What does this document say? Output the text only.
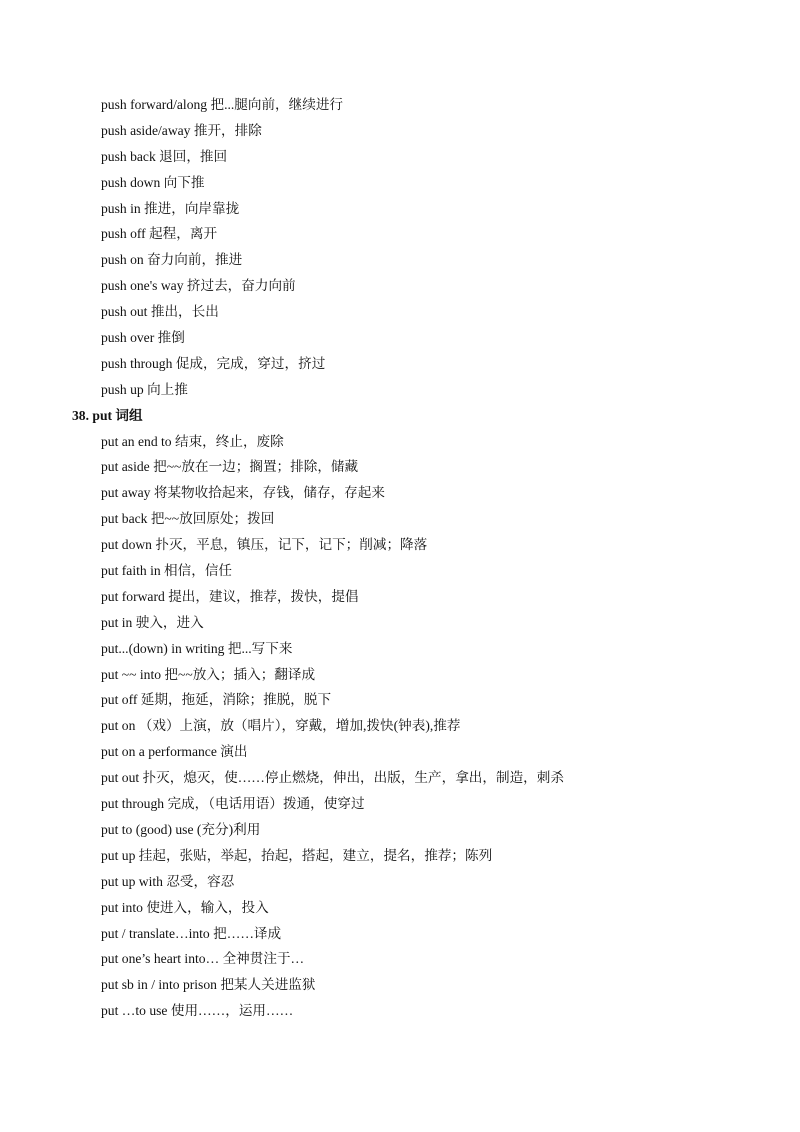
push forward/along 把...腿向前，继续进行
push aside/away 推开，排除
push back 退回，推回
push down 向下推
push in 推进，向岸靠拢
push off 起程，离开
push on 奋力向前，推进
push one's way 挤过去，奋力向前
push out 推出，长出
push over 推倒
push through 促成，完成，穿过，挤过
push up 向上推
38. put 词组
put an end to 结束，终止，废除
put aside 把~~放在一边；搁置；排除，储藏
put away 将某物收拾起来，存钱，储存，存起来
put back 把~~放回原处；拨回
put down 扑灭，平息，镇压，记下，记下；削减；降落
put faith in 相信，信任
put forward 提出，建议，推荐，拨快，提倡
put in 驶入，进入
put...(down) in writing 把...写下来
put ~~ into 把~~放入；插入；翻译成
put off 延期，拖延，消除；推脱，脱下
put on （戏）上演，放（唱片），穿戴，增加,拨快(钟表),推荐
put on a performance 演出
put out 扑灭，熄灭，使……停止燃烧，伸出，出版，生产，拿出，制造，刺杀
put through 完成，（电话用语）拨通，使穿过
put to (good) use (充分)利用
put up 挂起，张贴，举起，抬起，搭起，建立，提名，推荐；陈列
put up with 忍受，容忍
put into 使进入，输入，投入
put / translate…into 把……译成
put one’s heart into… 全神贯注于…
put sb in / into prison 把某人关进监狱
put …to use 使用……，运用……
